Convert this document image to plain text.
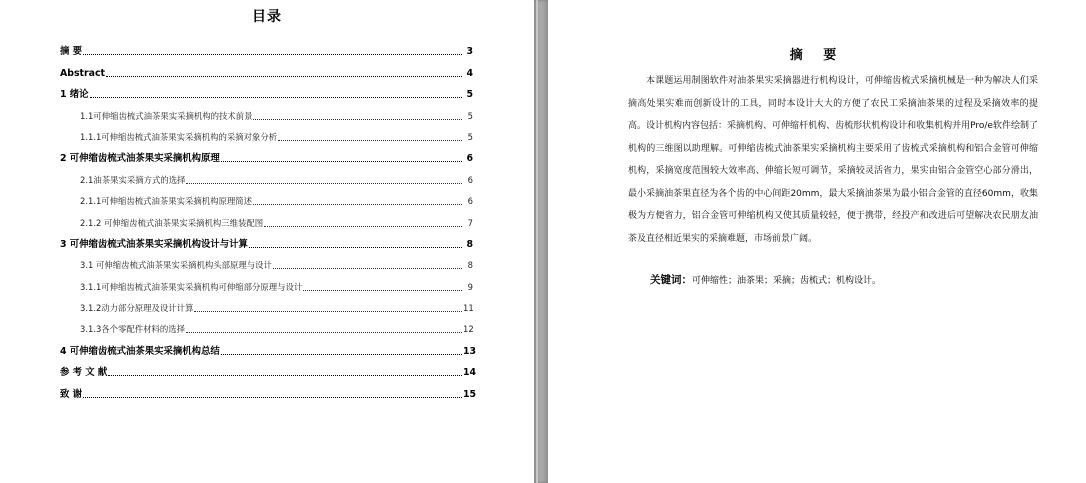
目录
摘 要	3
Abstract	4
1 绪论	5
1.1可伸缩齿梳式油茶果实采摘机构的技术前景	5
1.1.1可伸缩齿梳式油茶果实采摘机构的采摘对象分析	5
2 可伸缩齿梳式油茶果实采摘机构原理	6
2.1油茶果实采摘方式的选择	6
2.1.1可伸缩齿梳式油茶果实采摘机构原理简述	6
2.1.2 可伸缩齿梳式油茶果实采摘机构三维装配图	7
3 可伸缩齿梳式油茶果实采摘机构设计与计算	8
3.1 可伸缩齿梳式油茶果实采摘机构头部原理与设计	8
3.1.1可伸缩齿梳式油茶果实采摘机构可伸缩部分原理与设计	9
3.1.2动力部分原理及设计计算	11
3.1.3各个零配件材料的选择	12
4 可伸缩齿梳式油茶果实采摘机构总结	13
参 考 文 献	14
致 谢	15
摘 要
本课题运用制图软件对油茶果实采摘器进行机构设计，可伸缩齿梳式采摘机械是一种为解决人们采摘高处果实难而创新设计的工具，同时本设计大大的方便了农民工采摘油茶果的过程及采摘效率的提高。设计机构内容包括：采摘机构、可伸缩杆机构、齿梳形状机构设计和收集机构并用Pro/e软件绘制了机构的三维图以助理解。可伸缩齿梳式油茶果实采摘机构主要采用了齿梳式采摘机构和铝合金管可伸缩机构，采摘宽度范围较大效率高、伸缩长短可调节，采摘较灵活省力，果实由铝合金管空心部分滑出，最小采摘油茶果直径为各个齿的中心间距20mm，最大采摘油茶果为最小铝合金管的直径60mm，收集极为方便省力，铝合金管可伸缩机构又使其质量较轻，便于携带，经投产和改进后可望解决农民朋友油茶及直径相近果实的采摘难题，市场前景广阔。
关键词：可伸缩性；油茶果；采摘；齿梳式；机构设计。
